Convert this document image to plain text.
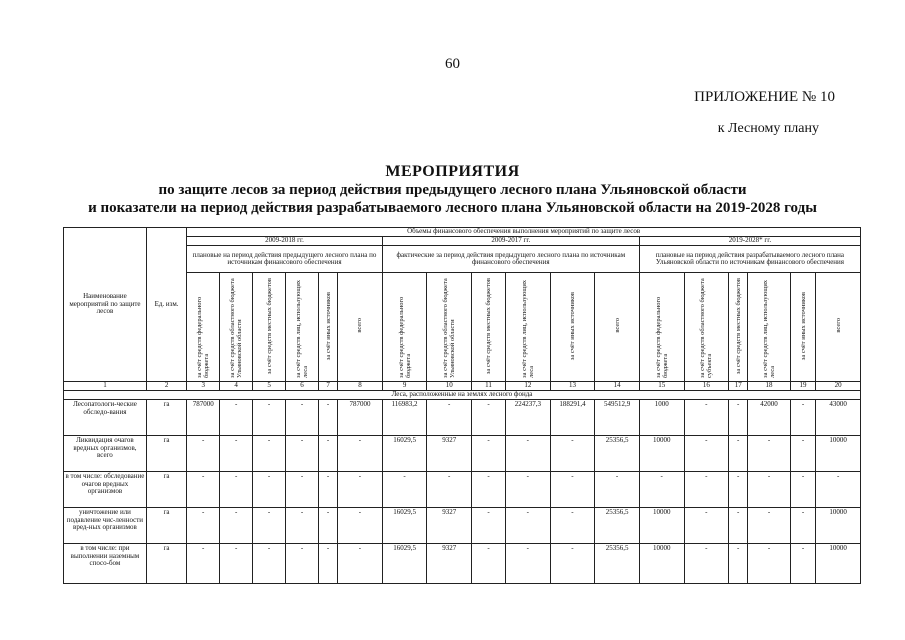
60
ПРИЛОЖЕНИЕ № 10
к Лесному плану
МЕРОПРИЯТИЯ
по защите лесов за период действия предыдущего лесного плана Ульяновской области
и показатели на период действия разрабатываемого лесного плана Ульяновской области на 2019-2028 годы
Наименование мероприятий по защите лесов	Ед. изм.	Объемы финансового обеспечения выполнения мероприятий по защите лесов																	
		2009-2018 гг.						2009-2017 гг.						2019-2028* гг.					
		плановые на период действия предыдущего лесного плана по источникам финансового обеспечения						фактические за период действия предыдущего лесного плана по источникам финансового обеспечения						плановые на период действия разрабатываемого лесного плана Ульяновской области по источникам финансового обеспечения					
		за счёт средств федерального бюджета	за счёт средств областного бюджета Ульяновской области	за счёт средств местных бюджетов	за счёт средств лиц, использующих леса	за счёт иных источников	всего	за счёт средств федерального бюджета	за счёт средств областного бюджета Ульяновской области	за счёт средств местных бюджетов	за счёт средств лиц, использующих леса	за счёт иных источников	всего	за счёт средств федерального бюджета	за счёт средств областного бюджета субъекта	за счёт средств местных бюджетов	за счёт средств лиц, использующих леса	за счёт иных источников	всего
1	2	3	4	5	6	7	8	9	10	11	12	13	14	15	16	17	18	19	20
Леса, расположенные на землях лесного фонда																			
Лесопатологи-ческие обследо-вания	га	787000	-	-	-	-	787000	116983,2	-	-	224237,3	188291,4	549512,9	1000	-	-	42000	-	43000
Ликвидация очагов вредных организмов, всего	га	-	-	-	-	-	-	16029,5	9327	-	-	-	25356,5	10000	-	-	-	-	10000
в том числе: обследование очагов вредных организмов	га	-	-	-	-	-	-	-	-	-	-	-	-	-	-	-	-	-	-
уничтожение или подавление чис-ленности вред-ных организмов	га	-	-	-	-	-	-	16029,5	9327	-	-	-	25356,5	10000	-	-	-	-	10000
в том числе: при выполнении наземным спосо-бом	га	-	-	-	-	-	-	16029,5	9327	-	-	-	25356,5	10000	-	-	-	-	10000
